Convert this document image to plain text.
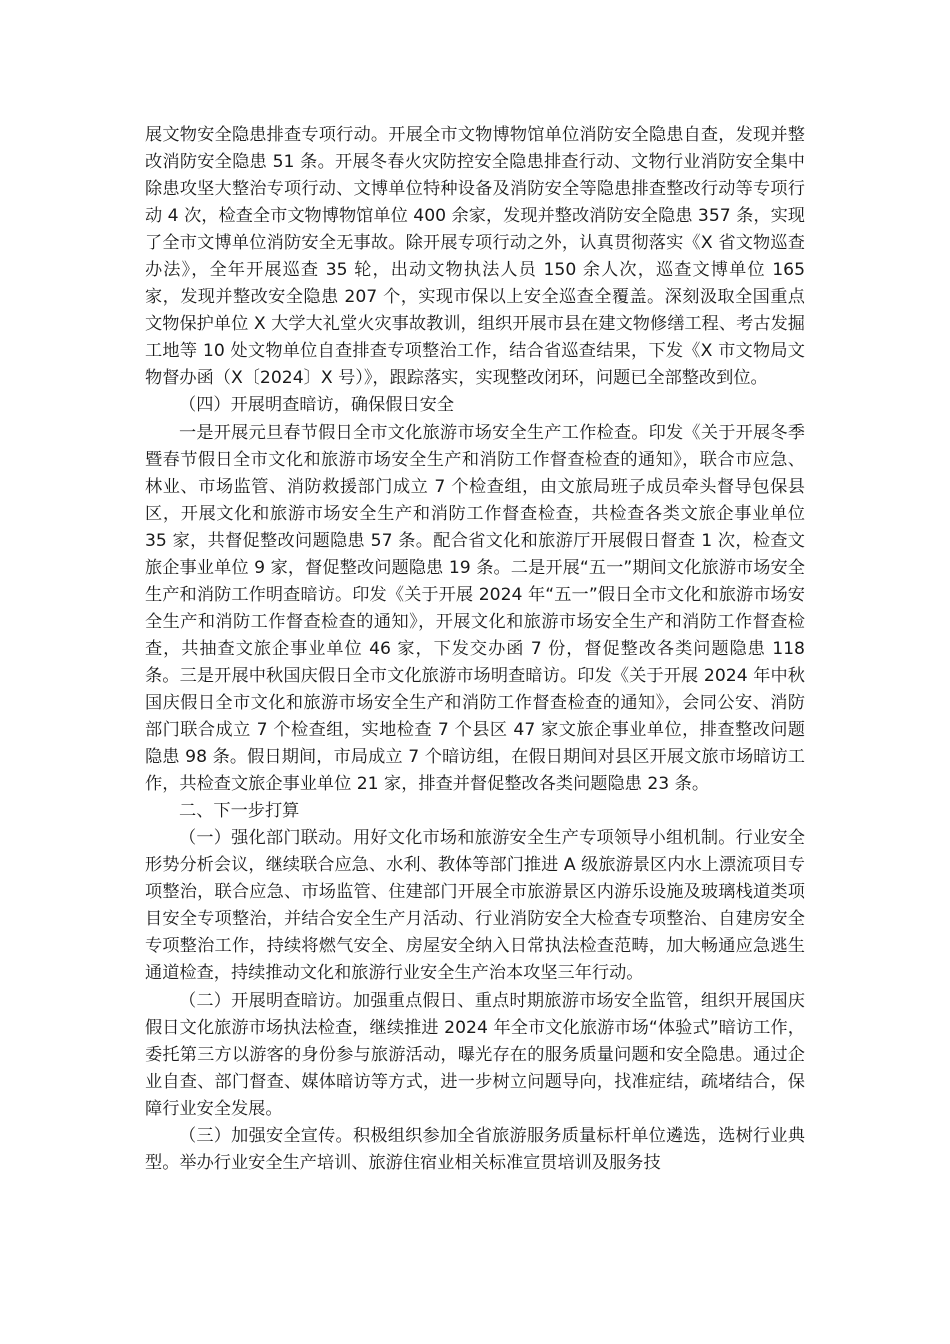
展文物安全隐患排查专项行动。开展全市文物博物馆单位消防安全隐患自查，发现并整改消防安全隐患 51 条。开展冬春火灾防控安全隐患排查行动、文物行业消防安全集中除患攻坚大整治专项行动、文博单位特种设备及消防安全等隐患排查整改行动等专项行动 4 次，检查全市文物博物馆单位 400 余家，发现并整改消防安全隐患 357 条，实现了全市文博单位消防安全无事故。除开展专项行动之外，认真贯彻落实《X 省文物巡查办法》，全年开展巡查 35 轮，出动文物执法人员 150 余人次，巡查文博单位 165 家，发现并整改安全隐患 207 个，实现市保以上安全巡查全覆盖。深刻汲取全国重点文物保护单位 X 大学大礼堂火灾事故教训，组织开展市县在建文物修缮工程、考古发掘工地等 10 处文物单位自查排查专项整治工作，结合省巡查结果，下发《X 市文物局文物督办函（X〔2024〕X 号）》，跟踪落实，实现整改闭环，问题已全部整改到位。

（四）开展明查暗访，确保假日安全

一是开展元旦春节假日全市文化旅游市场安全生产工作检查。印发《关于开展冬季暨春节假日全市文化和旅游市场安全生产和消防工作督查检查的通知》，联合市应急、林业、市场监管、消防救援部门成立 7 个检查组，由文旅局班子成员牵头督导包保县区，开展文化和旅游市场安全生产和消防工作督查检查，共检查各类文旅企事业单位 35 家，共督促整改问题隐患 57 条。配合省文化和旅游厅开展假日督查 1 次，检查文旅企事业单位 9 家，督促整改问题隐患 19 条。二是开展“五一”期间文化旅游市场安全生产和消防工作明查暗访。印发《关于开展 2024 年“五一”假日全市文化和旅游市场安全生产和消防工作督查检查的通知》，开展文化和旅游市场安全生产和消防工作督查检查，共抽查文旅企事业单位 46 家，下发交办函 7 份，督促整改各类问题隐患 118 条。三是开展中秋国庆假日全市文化旅游市场明查暗访。印发《关于开展 2024 年中秋国庆假日全市文化和旅游市场安全生产和消防工作督查检查的通知》，会同公安、消防部门联合成立 7 个检查组，实地检查 7 个县区 47 家文旅企事业单位，排查整改问题隐患 98 条。假日期间，市局成立 7 个暗访组，在假日期间对县区开展文旅市场暗访工作，共检查文旅企事业单位 21 家，排查并督促整改各类问题隐患 23 条。

二、下一步打算

（一）强化部门联动。用好文化市场和旅游安全生产专项领导小组机制。行业安全形势分析会议，继续联合应急、水利、教体等部门推进 A 级旅游景区内水上漂流项目专项整治，联合应急、市场监管、住建部门开展全市旅游景区内游乐设施及玻璃栈道类项目安全专项整治，并结合安全生产月活动、行业消防安全大检查专项整治、自建房安全专项整治工作，持续将燃气安全、房屋安全纳入日常执法检查范畴，加大畅通应急逃生通道检查，持续推动文化和旅游行业安全生产治本攻坚三年行动。

（二）开展明查暗访。加强重点假日、重点时期旅游市场安全监管，组织开展国庆假日文化旅游市场执法检查，继续推进 2024 年全市文化旅游市场“体验式”暗访工作，委托第三方以游客的身份参与旅游活动，曝光存在的服务质量问题和安全隐患。通过企业自查、部门督查、媒体暗访等方式，进一步树立问题导向，找准症结，疏堵结合，保障行业安全发展。

（三）加强安全宣传。积极组织参加全省旅游服务质量标杆单位遴选，选树行业典型。举办行业安全生产培训、旅游住宿业相关标准宣贯培训及服务技
